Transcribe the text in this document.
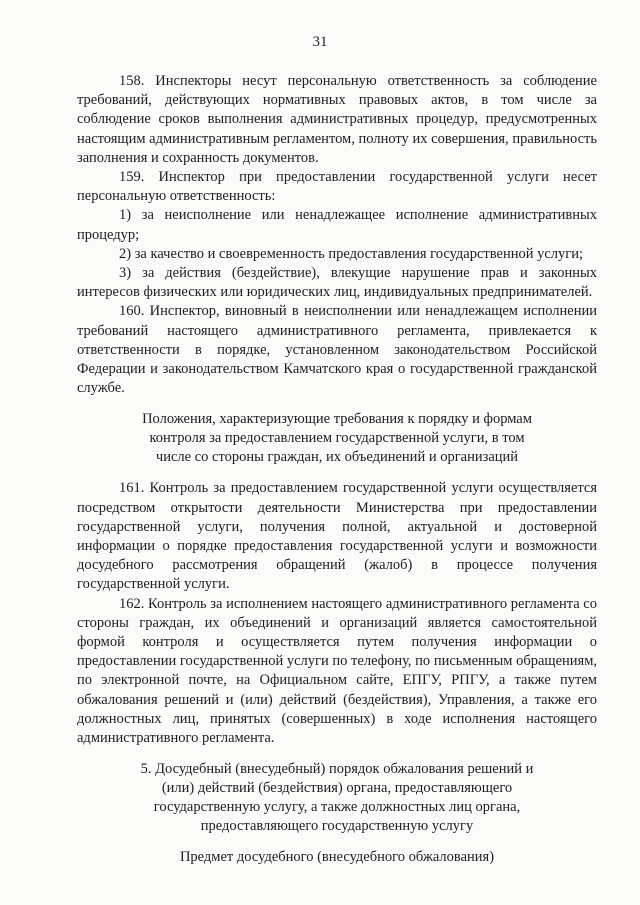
31

158. Инспекторы несут персональную ответственность за соблюдение требований, действующих нормативных правовых актов, в том числе за соблюдение сроков выполнения административных процедур, предусмотренных настоящим административным регламентом, полноту их совершения, правильность заполнения и сохранность документов.

159. Инспектор при предоставлении государственной услуги несет персональную ответственность:

1) за неисполнение или ненадлежащее исполнение административных процедур;

2) за качество и своевременность предоставления государственной услуги;

3) за действия (бездействие), влекущие нарушение прав и законных интересов физических или юридических лиц, индивидуальных предпринимателей.

160. Инспектор, виновный в неисполнении или ненадлежащем исполнении требований настоящего административного регламента, привлекается к ответственности в порядке, установленном законодательством Российской Федерации и законодательством Камчатского края о государственной гражданской службе.

Положения, характеризующие требования к порядку и формам
контроля за предоставлением государственной услуги, в том
числе со стороны граждан, их объединений и организаций

161. Контроль за предоставлением государственной услуги осуществляется посредством открытости деятельности Министерства при предоставлении государственной услуги, получения полной, актуальной и достоверной информации о порядке предоставления государственной услуги и возможности досудебного рассмотрения обращений (жалоб) в процессе получения государственной услуги.

162. Контроль за исполнением настоящего административного регламента со стороны граждан, их объединений и организаций является самостоятельной формой контроля и осуществляется путем получения информации о предоставлении государственной услуги по телефону, по письменным обращениям, по электронной почте, на Официальном сайте, ЕПГУ, РПГУ, а также путем обжалования решений и (или) действий (бездействия), Управления, а также его должностных лиц, принятых (совершенных) в ходе исполнения настоящего административного регламента.

5. Досудебный (внесудебный) порядок обжалования решений и
(или) действий (бездействия) органа, предоставляющего
государственную услугу, а также должностных лиц органа,
предоставляющего государственную услугу
Предмет досудебного (внесудебного обжалования)
